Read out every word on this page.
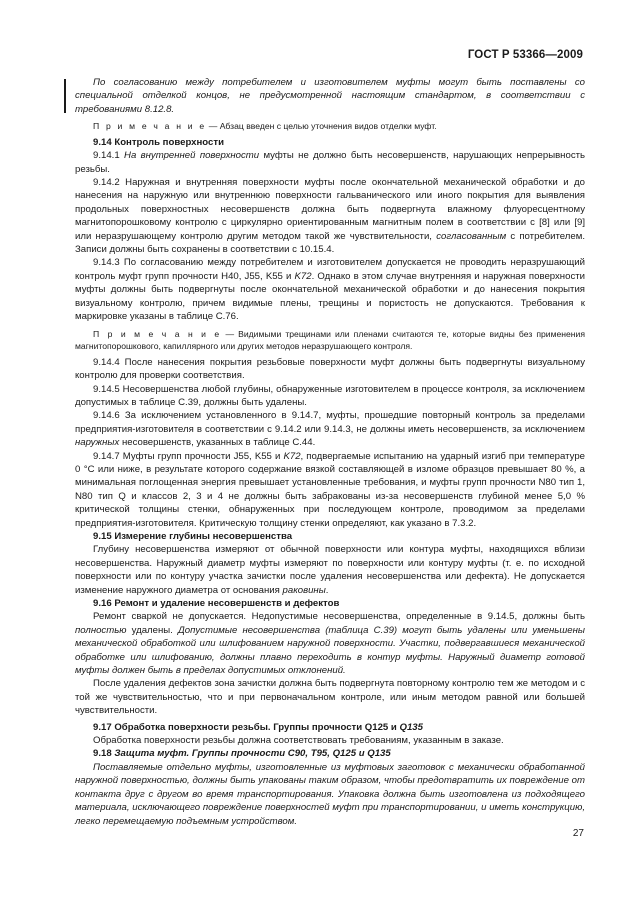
ГОСТ Р 53366—2009

По согласованию между потребителем и изготовителем муфты могут быть поставлены со специальной отделкой концов, не предусмотренной настоящим стандартом, в соответствии с требованиями 8.12.8.

П р и м е ч а н и е — Абзац введен с целью уточнения видов отделки муфт.

9.14 Контроль поверхности

9.14.1 На внутренней поверхности муфты не должно быть несовершенств, нарушающих непрерывность резьбы.

9.14.2 Наружная и внутренняя поверхности муфты после окончательной механической обработки и до нанесения на наружную или внутреннюю поверхности гальванического или иного покрытия для выявления продольных поверхностных несовершенств должна быть подвергнута влажному флуоресцентному магнитопорошковому контролю с циркулярно ориентированным магнитным полем в соответствии с [8] или [9] или неразрушающему контролю другим методом такой же чувствительности, согласованным с потребителем. Записи должны быть сохранены в соответствии с 10.15.4.

9.14.3 По согласованию между потребителем и изготовителем допускается не проводить неразрушающий контроль муфт групп прочности Н40, J55, K55 и K72. Однако в этом случае внутренняя и наружная поверхности муфты должны быть подвергнуты после окончательной механической обработки и до нанесения покрытия визуальному контролю, причем видимые плены, трещины и пористость не допускаются. Требования к маркировке указаны в таблице С.76.

П р и м е ч а н и е — Видимыми трещинами или пленами считаются те, которые видны без применения магнитопорошкового, капиллярного или других методов неразрушающего контроля.

9.14.4 После нанесения покрытия резьбовые поверхности муфт должны быть подвергнуты визуальному контролю для проверки соответствия.

9.14.5 Несовершенства любой глубины, обнаруженные изготовителем в процессе контроля, за исключением допустимых в таблице С.39, должны быть удалены.

9.14.6 За исключением установленного в 9.14.7, муфты, прошедшие повторный контроль за пределами предприятия-изготовителя в соответствии с 9.14.2 или 9.14.3, не должны иметь несовершенств, за исключением наружных несовершенств, указанных в таблице С.44.

9.14.7 Муфты групп прочности J55, K55 и K72, подвергаемые испытанию на ударный изгиб при температуре 0 °С или ниже, в результате которого содержание вязкой составляющей в изломе образцов превышает 80 %, а минимальная поглощенная энергия превышает установленные требования, и муфты групп прочности N80 тип 1, N80 тип Q и классов 2, 3 и 4 не должны быть забракованы из-за несовершенств глубиной менее 5,0 % критической толщины стенки, обнаруженных при последующем контроле, проводимом за пределами предприятия-изготовителя. Критическую толщину стенки определяют, как указано в 7.3.2.

9.15 Измерение глубины несовершенства

Глубину несовершенства измеряют от обычной поверхности или контура муфты, находящихся вблизи несовершенства. Наружный диаметр муфты измеряют по поверхности или контуру муфты (т. е. по исходной поверхности или по контуру участка зачистки после удаления несовершенства или дефекта). Не допускается изменение наружного диаметра от основания раковины.

9.16 Ремонт и удаление несовершенств и дефектов

Ремонт сваркой не допускается. Недопустимые несовершенства, определенные в 9.14.5, должны быть полностью удалены. Допустимые несовершенства (таблица С.39) могут быть удалены или уменьшены механической обработкой или шлифованием наружной поверхности. Участки, подвергавшиеся механической обработке или шлифованию, должны плавно переходить в контур муфты. Наружный диаметр готовой муфты должен быть в пределах допустимых отклонений.

После удаления дефектов зона зачистки должна быть подвергнута повторному контролю тем же методом и с той же чувствительностью, что и при первоначальном контроле, или иным методом равной или большей чувствительности.

9.17 Обработка поверхности резьбы. Группы прочности Q125 и Q135

Обработка поверхности резьбы должна соответствовать требованиям, указанным в заказе.

9.18 Защита муфт. Группы прочности С90, Т95, Q125 и Q135

Поставляемые отдельно муфты, изготовленные из муфтовых заготовок с механически обработанной наружной поверхностью, должны быть упакованы таким образом, чтобы предотвратить их повреждение от контакта друг с другом во время транспортирования. Упаковка должна быть изготовлена из подходящего материала, исключающего повреждение поверхностей муфт при транспортировании, и иметь конструкцию, легко перемещаемую подъемным устройством.

27
